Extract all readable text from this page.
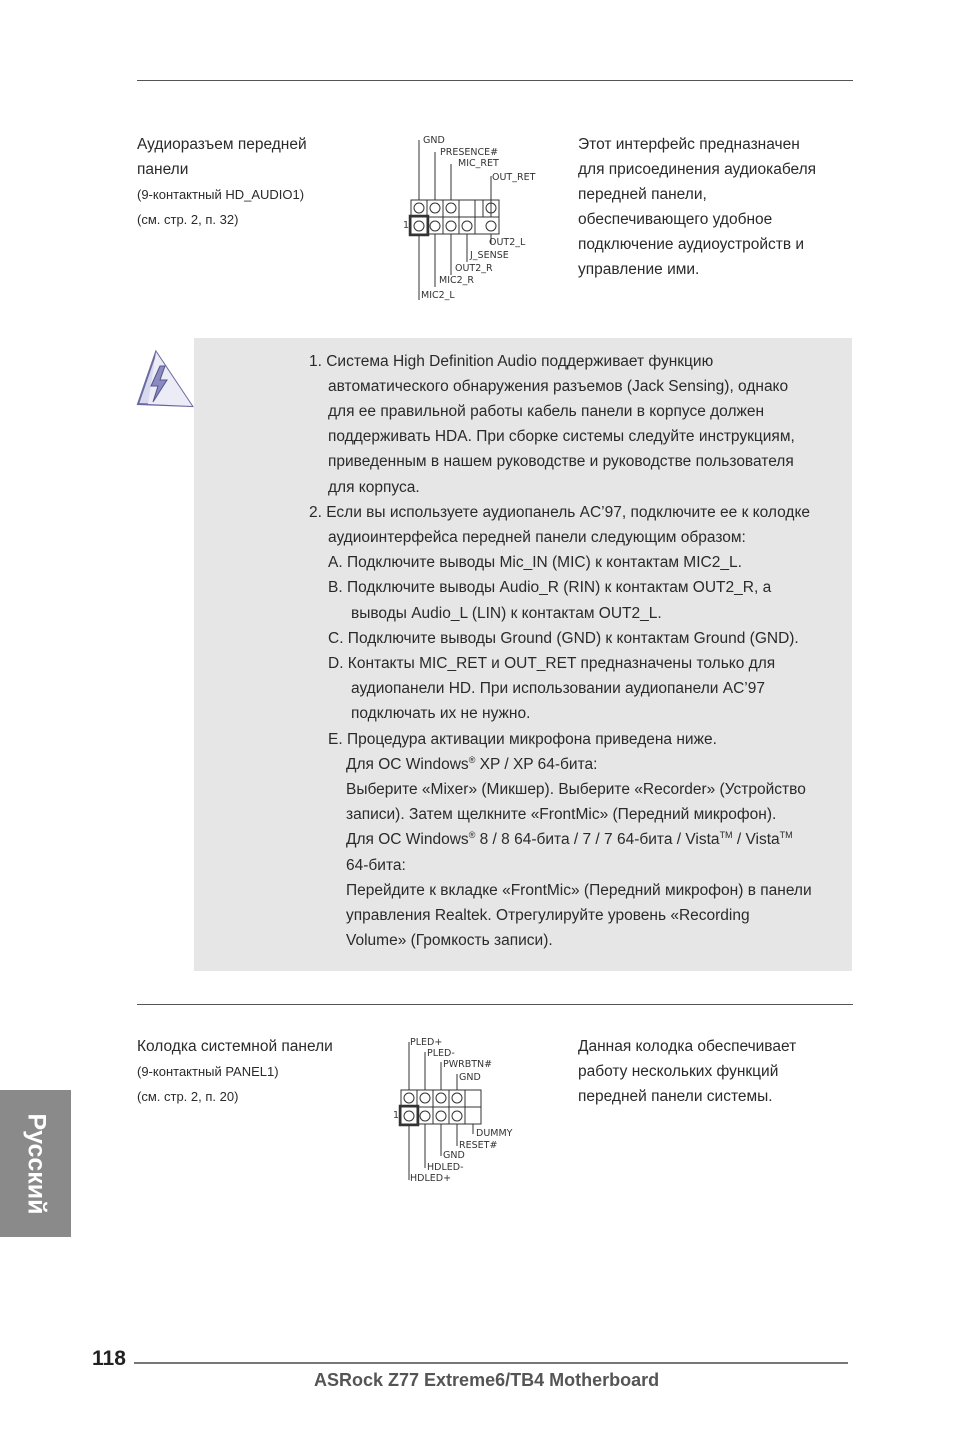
Аудиоразъем передней
панели
(9-контактный HD_AUDIO1)
(см. стр. 2, п. 32)
GND
PRESENCE#
MIC_RET
OUT_RET
OUT2_L
J_SENSE
OUT2_R
MIC2_R
MIC2_L
1
Этот интерфейс предназначен
для присоединения аудиокабеля
передней панели,
обеспечивающего удобное
подключение аудиоустройств и
управление ими.
1. Система High Definition Audio поддерживает функцию
автоматического обнаружения разъемов (Jack Sensing), однако
для ее правильной работы кабель панели в корпусе должен
поддерживать HDA. При сборке системы следуйте инструкциям,
приведенным в нашем руководстве и руководстве пользователя
для корпуса.
2. Если вы используете аудиопанель AC’97, подключите ее к колодке
аудиоинтерфейса передней панели следующим образом:
A. Подключите выводы Mic_IN (MIC) к контактам MIC2_L.
B. Подключите выводы Audio_R (RIN) к контактам OUT2_R, а
выводы Audio_L (LIN) к контактам OUT2_L.
C. Подключите выводы Ground (GND) к контактам Ground (GND).
D. Контакты MIC_RET и OUT_RET предназначены только для
аудиопанели HD. При использовании аудиопанели AC’97
подключать их не нужно.
E. Процедура активации микрофона приведена ниже.
Для ОС Windows® XP / XP 64-бита:
Выберите «Mixer» (Микшер). Выберите «Recorder» (Устройство
записи). Затем щелкните «FrontMic» (Передний микрофон).
Для ОС Windows® 8 / 8 64-бита / 7 / 7 64-бита / Vista™ / Vista™
64-бита:
Перейдите к вкладке «FrontMic» (Передний микрофон) в панели
управления Realtek. Отрегулируйте уровень «Recording
Volume» (Громкость записи).
Колодка системной панели
(9-контактный PANEL1)
(см. стр. 2, п. 20)
PLED+
PLED-
PWRBTN#
GND
DUMMY
RESET#
GND
HDLED-
HDLED+
1
Данная колодка обеспечивает
работу нескольких функций
передней панели системы.
Русский
118
ASRock Z77 Extreme6/TB4 Motherboard
